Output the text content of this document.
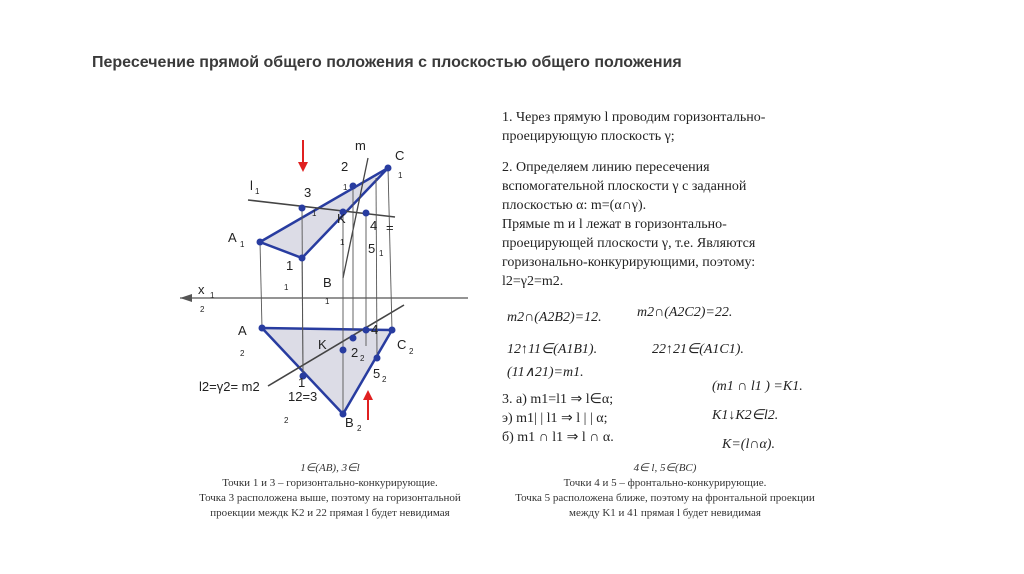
Пересечение прямой общего положения с плоскостью общего положения
m
C
1
2
1
l 1	3
1 K
1
4 =
5 1
A 1
1
1	B
1
x 1
2
A
2
4
C 2
K
2 2
5 2
1
l2=γ2= m2
12=3
2	B 2
1. Через прямую l проводим горизонтально-
проецирующую плоскость γ;
2. Определяем линию пересечения
вспомогательной плоскости γ с заданной
плоскостью α: m=(α∩γ).
Прямые m и l лежат в горизонтально-
проецирующей плоскости γ, т.е. Являются
горизонально-конкурирующими, поэтому:
l2=γ2=m2.
m2∩(A2B2)=12.	m2∩(A2C2)=22.
12↑11∈(A1B1).	22↑21∈(A1C1).
(11∧21)=m1.
3. а) m1=l1 ⇒ l∈α;
э) m1| | l1 ⇒ l | | α;
б) m1 ∩ l1 ⇒ l ∩ α.
(m1 ∩ l1 ) =K1.
K1↓K2∈l2.
K=(l∩α).
1∈(AB), 3∈l
Точки 1 и 3 – горизонтально-конкурирующие.
Точка 3 расположена выше, поэтому на горизонтальной
проекции междк K2 и 22 прямая l будет невидимая
4∈ l, 5∈(BC)
Точки 4 и 5 – фронтально-конкурирующие.
Точка 5 расположена ближе, поэтому на фронтальной проекции
между K1 и 41 прямая l будет невидимая
